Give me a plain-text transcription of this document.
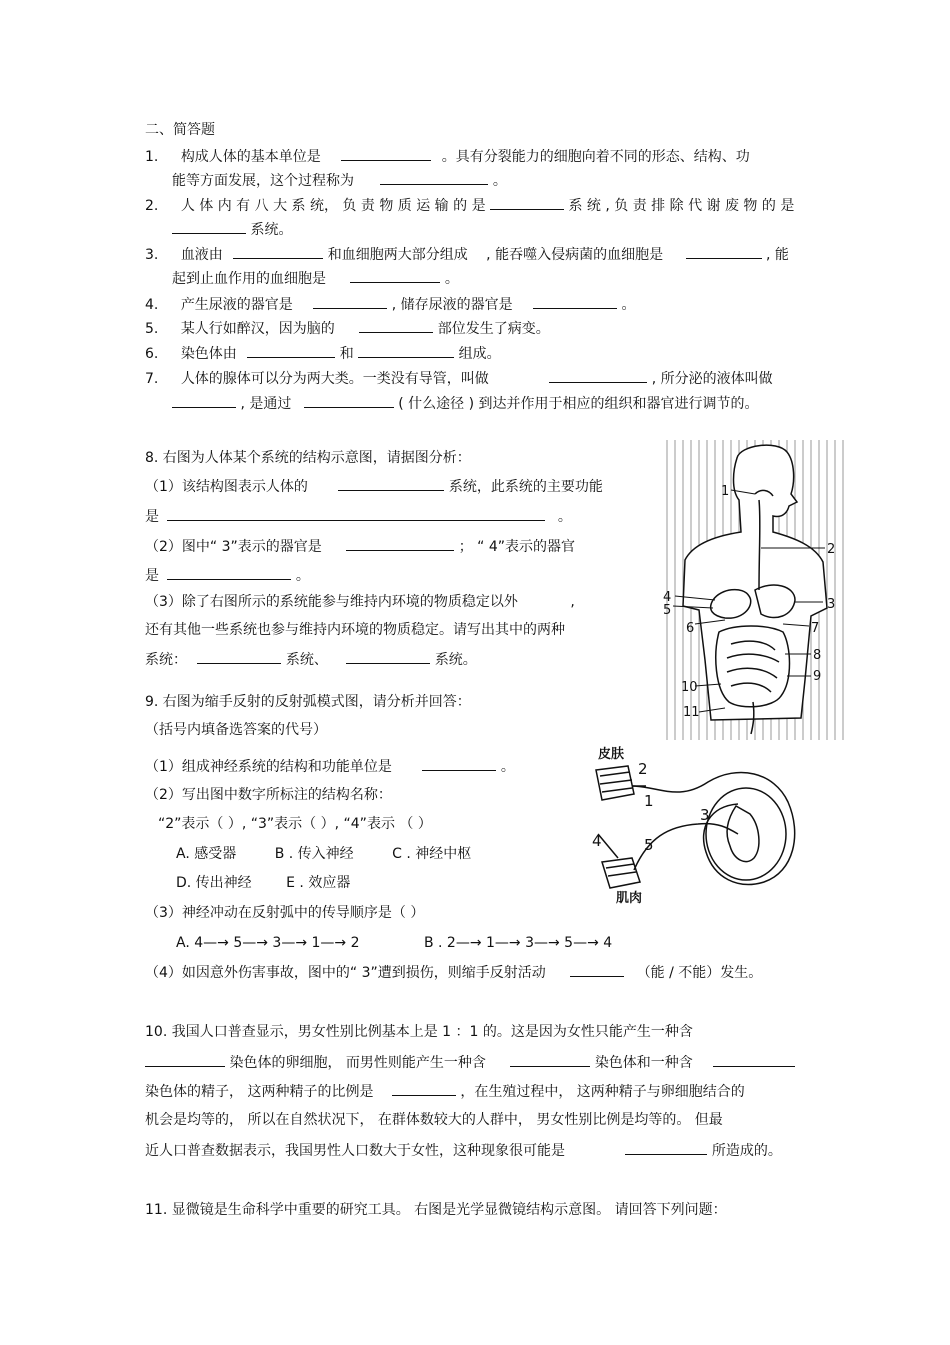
二、简答题
1. 构成人体的基本单位是	。具有分裂能力的细胞向着不同的形态、结构、功
能等方面发展，这个过程称为	。
2. 人 体 内 有 八 大 系 统， 负 责 物 质 运 输 的 是	系 统 , 负 责 排 除 代 谢 废 物 的 是
系统。
3. 血液由	和血细胞两大部分组成 , 能吞噬入侵病菌的血细胞是	, 能
起到止血作用的血细胞是	。
4. 产生尿液的器官是	, 储存尿液的器官是	。
5. 某人行如醉汉，因为脑的	部位发生了病变。
6. 染色体由	和	组成。
7. 人体的腺体可以分为两大类。一类没有导管，叫做	, 所分泌的液体叫做
, 是通过	( 什么途径 ) 到达并作用于相应的组织和器官进行调节的。
8. 右图为人体某个系统的结构示意图，请据图分析：
（1）该结构图表示人体的	系统，此系统的主要功能
是	。
（2）图中“ 3”表示的器官是	； “ 4”表示的器官
是	。
（3）除了右图所示的系统能参与维持内环境的物质稳定以外	,
还有其他一些系统也参与维持内环境的物质稳定。请写出其中的两种
系统：	系统、	系统。
1
2
3
4
5
6	7
8
9
10
11
9. 右图为缩手反射的反射弧模式图，请分析并回答：
（括号内填备选答案的代号）
（1）组成神经系统的结构和功能单位是	。
（2）写出图中数字所标注的结构名称：
“2”表示（ ）, “3”表示（ ）, “4”表示 （ ）
A. 感受器	B . 传入神经	C . 神经中枢
D. 传出神经 E . 效应器
（3）神经冲动在反射弧中的传导顺序是（ ）
A. 4—→ 5—→ 3—→ 1—→ 2	B . 2—→ 1—→ 3—→ 5—→ 4
（4）如因意外伤害事故，图中的“ 3”遭到损伤，则缩手反射活动	（能 / 不能）发生。
皮肤
肌肉
2
1
3
4	5
10. 我国人口普查显示，男女性别比例基本上是 1 ：1 的。这是因为女性只能产生一种含
染色体的卵细胞， 而男性则能产生一种含	染色体和一种含
染色体的精子， 这两种精子的比例是	，在生殖过程中， 这两种精子与卵细胞结合的
机会是均等的， 所以在自然状况下， 在群体数较大的人群中， 男女性别比例是均等的。 但最
近人口普查数据表示，我国男性人口数大于女性，这种现象很可能是	所造成的。
11. 显微镜是生命科学中重要的研究工具。 右图是光学显微镜结构示意图。 请回答下列问题：
